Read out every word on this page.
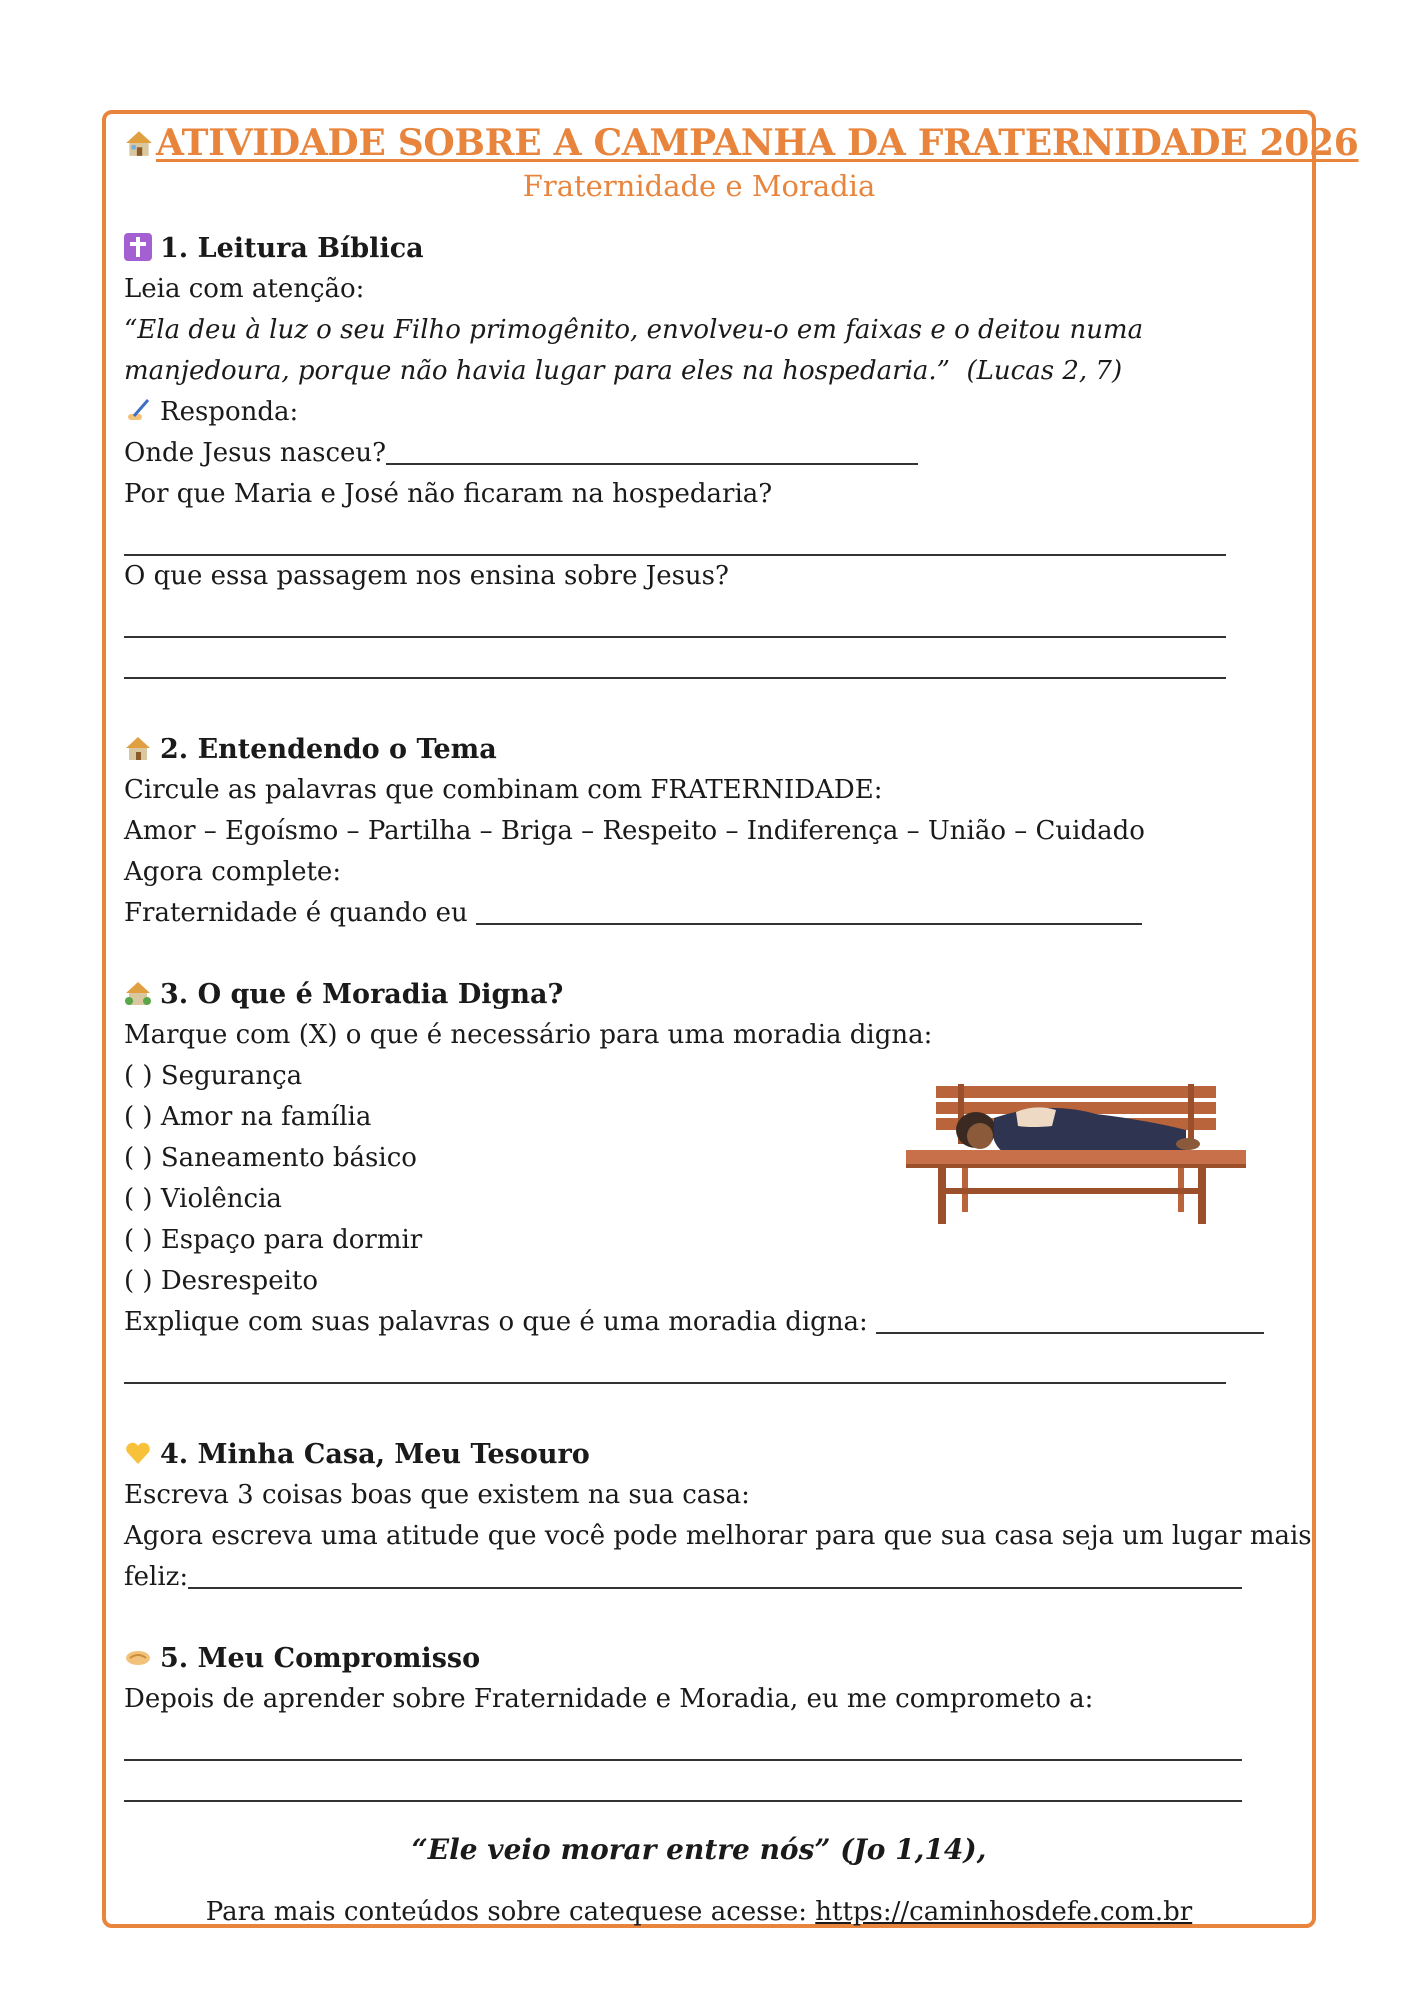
ATIVIDADE SOBRE A CAMPANHA DA FRATERNIDADE 2026
Fraternidade e Moradia
1. Leitura Bíblica
Leia com atenção:
“Ela deu à luz o seu Filho primogênito, envolveu-o em faixas e o deitou numa
manjedoura, porque não havia lugar para eles na hospedaria.” (Lucas 2, 7)
Responda:
Onde Jesus nasceu?
Por que Maria e José não ficaram na hospedaria?
O que essa passagem nos ensina sobre Jesus?
2. Entendendo o Tema
Circule as palavras que combinam com FRATERNIDADE:
Amor – Egoísmo – Partilha – Briga – Respeito – Indiferença – União – Cuidado
Agora complete:
Fraternidade é quando eu
3. O que é Moradia Digna?
Marque com (X) o que é necessário para uma moradia digna:
( ) Segurança
( ) Amor na família
( ) Saneamento básico
( ) Violência
( ) Espaço para dormir
( ) Desrespeito
Explique com suas palavras o que é uma moradia digna:
4. Minha Casa, Meu Tesouro
Escreva 3 coisas boas que existem na sua casa:
Agora escreva uma atitude que você pode melhorar para que sua casa seja um lugar mais
feliz:
5. Meu Compromisso
Depois de aprender sobre Fraternidade e Moradia, eu me comprometo a:
“Ele veio morar entre nós” (Jo 1,14),
Para mais conteúdos sobre catequese acesse: https://caminhosdefe.com.br
